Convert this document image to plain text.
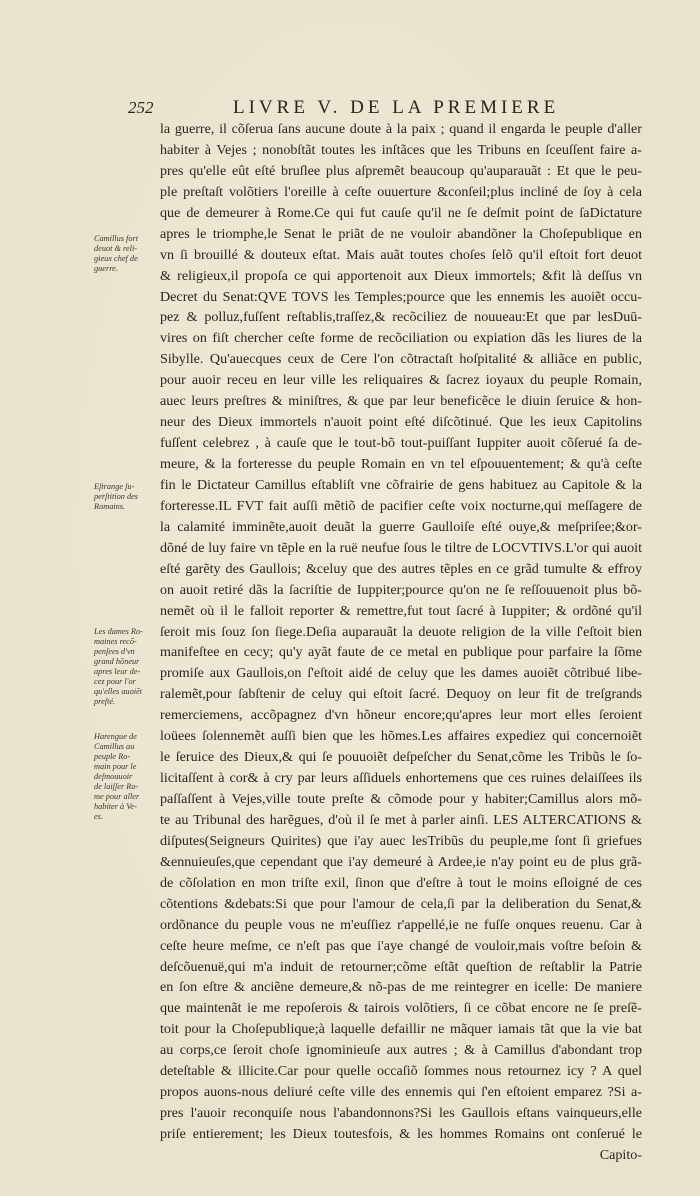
252	LIVRE V. DE LA PREMIERE
la guerre, il cõſerua ſans aucune doute à la paix ; quand il engarda le peuple d'aller
habiter à Vejes ; nonobſtãt toutes les inſtãces que les Tribuns en ſceuſſent faire a-
pres qu'elle eût eſté bruſlee plus aſpremẽt beaucoup qu'auparauãt : Et que le peu-
ple preſtaſt volõtiers l'oreille à ceſte ouuerture &conſeil;plus incliné de ſoy à cela
que de demeurer à Rome.Ce qui fut cauſe qu'il ne ſe deſmit point de ſaDictature
apres le triomphe,le Senat le priãt de ne vouloir abandõner la Choſepublique en
vn ſi brouillé & douteux eſtat. Mais auãt toutes choſes ſelõ qu'il eſtoit fort deuot
& religieux,il propoſa ce qui apportenoit aux Dieux immortels; &fit là deſſus vn
Decret du Senat:QVE TOVS les Temples;pource que les ennemis les auoiẽt occu-
pez & polluz,fuſſent reſtablis,traſſez,& recõciliez de nouueau:Et que par lesDuū-
vires on fiſt chercher ceſte forme de recõciliation ou expiation dãs les liures de la
Sibylle. Qu'auecques ceux de Cere l'on cõtractaſt hoſpitalité & alliãce en public,
pour auoir receu en leur ville les reliquaires & ſacrez ioyaux du peuple Romain,
auec leurs preſtres & miniſtres, & que par leur beneficẽce le diuin ſeruice & hon-
neur des Dieux immortels n'auoit point eſté diſcõtinué. Que les ieux Capitolins
fuſſent celebrez , à cauſe que le tout-bõ tout-puiſſant Iuppiter auoit cõſerué ſa de-
meure, & la forteresse du peuple Romain en vn tel eſpouuentement; & qu'à ceſte
fin le Dictateur Camillus eſtabliſt vne cõfrairie de gens habituez au Capitole & la
forteresse.IL FVT fait auſſi mẽtiõ de pacifier ceſte voix nocturne,qui meſſagere de
la calamité imminẽte,auoit deuãt la guerre Gaulloiſe eſté ouye,& meſpriſee;&or-
dõné de luy faire vn tẽple en la ruë neufue ſous le tiltre de LOCVTIVS.L'or qui auoit
eſté garẽty des Gaullois; &celuy que des autres tẽples en ce grãd tumulte & effroy
on auoit retiré dãs la ſacriſtie de Iuppiter;pource qu'on ne ſe reſſouuenoit plus bõ-
nemẽt où il le falloit reporter & remettre,fut tout ſacré à Iuppiter; & ordõné qu'il
ſeroit mis ſouz ſon ſiege.Deſia auparauãt la deuote religion de la ville ſ'eſtoit bien
manifeſtee en cecy; qu'y ayãt faute de ce metal en publique pour parfaire la ſõme
promiſe aux Gaullois,on ſ'eſtoit aidé de celuy que les dames auoiẽt cõtribué libe-
ralemẽt,pour ſabſtenir de celuy qui eſtoit ſacré. Dequoy on leur fit de treſgrands
remerciemens, accõpagnez d'vn hõneur encore;qu'apres leur mort elles ſeroient
loüees ſolennemẽt auſſi bien que les hõmes.Les affaires expediez qui concernoiẽt
le ſeruice des Dieux,& qui ſe pouuoiẽt deſpeſcher du Senat,cõme les Tribũs le ſo-
licitaſſent à cor& à cry par leurs aſſiduels enhortemens que ces ruines delaiſſees ils
paſſaſſent à Vejes,ville toute preſte & cõmode pour y habiter;Camillus alors mõ-
te au Tribunal des harẽgues, d'où il ſe met à parler ainſi. LES ALTERCATIONS &
diſputes(Seigneurs Quirites) que i'ay auec lesTribũs du peuple,me ſont ſi griefues
&ennuieuſes,que cependant que i'ay demeuré à Ardee,ie n'ay point eu de plus grã-
de cõſolation en mon triſte exil, ſinon que d'eſtre à tout le moins eſloigné de ces
cõtentions &debats:Si que pour l'amour de cela,ſi par la deliberation du Senat,&
ordõnance du peuple vous ne m'euſſiez r'appellé,ie ne fuſſe onques reuenu. Car à
ceſte heure meſme, ce n'eſt pas que i'aye changé de vouloir,mais voſtre beſoin &
deſcõuenuë,qui m'a induit de retourner;cõme eſtãt queſtion de reſtablir la Patrie
en ſon eſtre & anciẽne demeure,& nõ-pas de me reintegrer en icelle: De maniere
que maintenãt ie me repoſerois & tairois volõtiers, ſi ce cõbat encore ne ſe preſẽ-
toit pour la Choſepublique;à laquelle defaillir ne mãquer iamais tãt que la vie bat
au corps,ce ſeroit choſe ignominieuſe aux autres ; & à Camillus d'abondant trop
deteſtable & illicite.Car pour quelle occaſiõ ſommes nous retournez icy ? A quel
propos auons-nous deliuré ceſte ville des ennemis qui ſ'en eſtoient emparez ?Si a-
pres l'auoir reconquiſe nous l'abandonnons?Si les Gaullois eſtans vainqueurs,elle
priſe entierement; les Dieux toutesfois, & les hommes Romains ont conſerué le
Capito-
Camillus fort
deuot & reli-
gieux chef de
guerre.
Eſtrange ſu-
perſtition des
Romains.
Les dames Ro-
maines recõ-
penſees d'vn
grand hõneur
apres leur de-
cez pour l'or
qu'elles auoiẽt
preſté.
Harengue de
Camillus au
peuple Ro-
main pour le
deſmouuoir
de laiſſer Ro-
me pour aller
habiter à Ve-
es.
